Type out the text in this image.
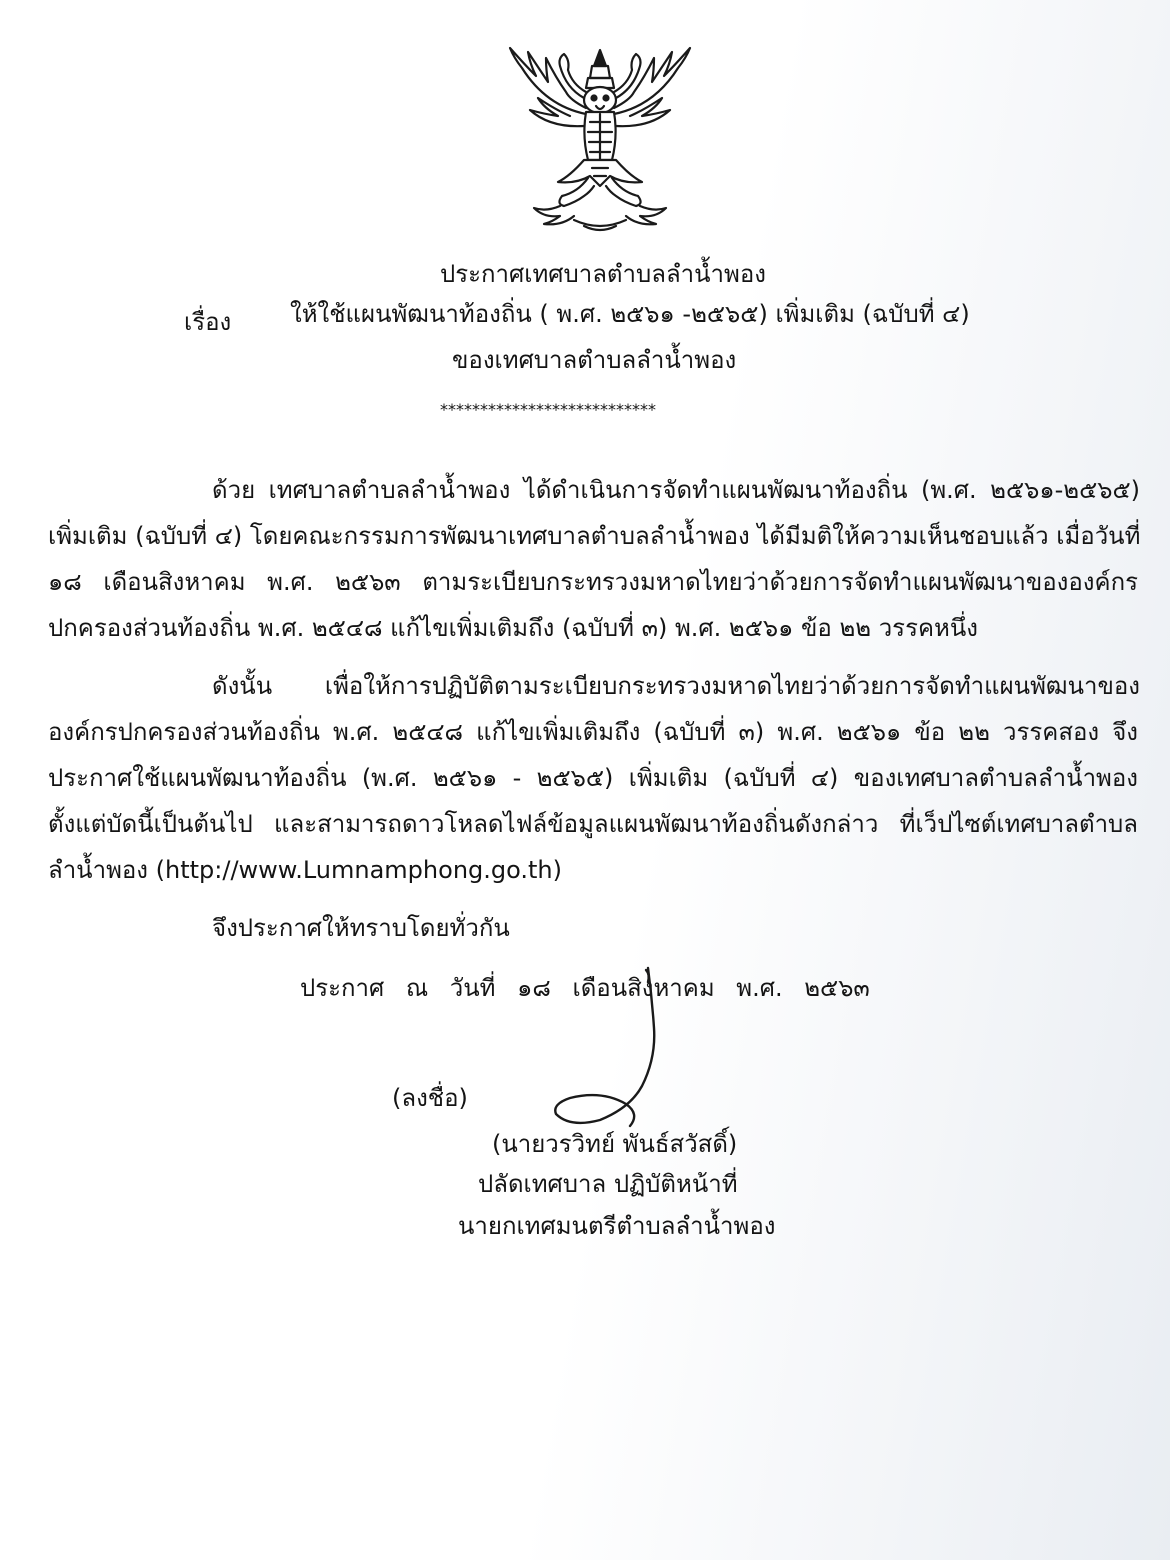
ประกาศเทศบาลตำบลลำน้ำพอง
เรื่อง ให้ใช้แผนพัฒนาท้องถิ่น ( พ.ศ. ๒๕๖๑ -๒๕๖๕) เพิ่มเติม (ฉบับที่ ๔)
ของเทศบาลตำบลลำน้ำพอง
***************************
ด้วย เทศบาลตำบลลำน้ำพอง ได้ดำเนินการจัดทำแผนพัฒนาท้องถิ่น (พ.ศ. ๒๕๖๑-๒๕๖๕)
เพิ่มเติม (ฉบับที่ ๔) โดยคณะกรรมการพัฒนาเทศบาลตำบลลำน้ำพอง ได้มีมติให้ความเห็นชอบแล้ว เมื่อวันที่
๑๘ เดือนสิงหาคม พ.ศ. ๒๕๖๓ ตามระเบียบกระทรวงมหาดไทยว่าด้วยการจัดทำแผนพัฒนาขององค์กร
ปกครองส่วนท้องถิ่น พ.ศ. ๒๕๔๘ แก้ไขเพิ่มเติมถึง (ฉบับที่ ๓) พ.ศ. ๒๕๖๑ ข้อ ๒๒ วรรคหนึ่ง
ดังนั้น เพื่อให้การปฏิบัติตามระเบียบกระทรวงมหาดไทยว่าด้วยการจัดทำแผนพัฒนาของ
องค์กรปกครองส่วนท้องถิ่น พ.ศ. ๒๕๔๘ แก้ไขเพิ่มเติมถึง (ฉบับที่ ๓) พ.ศ. ๒๕๖๑ ข้อ ๒๒ วรรคสอง จึง
ประกาศใช้แผนพัฒนาท้องถิ่น (พ.ศ. ๒๕๖๑ - ๒๕๖๕) เพิ่มเติม (ฉบับที่ ๔) ของเทศบาลตำบลลำน้ำพอง
ตั้งแต่บัดนี้เป็นต้นไป และสามารถดาวโหลดไฟล์ข้อมูลแผนพัฒนาท้องถิ่นดังกล่าว ที่เว็ปไซต์เทศบาลตำบล
ลำน้ำพอง (http://www.Lumnamphong.go.th)
จึงประกาศให้ทราบโดยทั่วกัน
ประกาศ ณ วันที่ ๑๘ เดือนสิงหาคม พ.ศ. ๒๕๖๓
(ลงชื่อ)
(นายวรวิทย์ พันธ์สวัสดิ์)
ปลัดเทศบาล ปฏิบัติหน้าที่
นายกเทศมนตรีตำบลลำน้ำพอง
